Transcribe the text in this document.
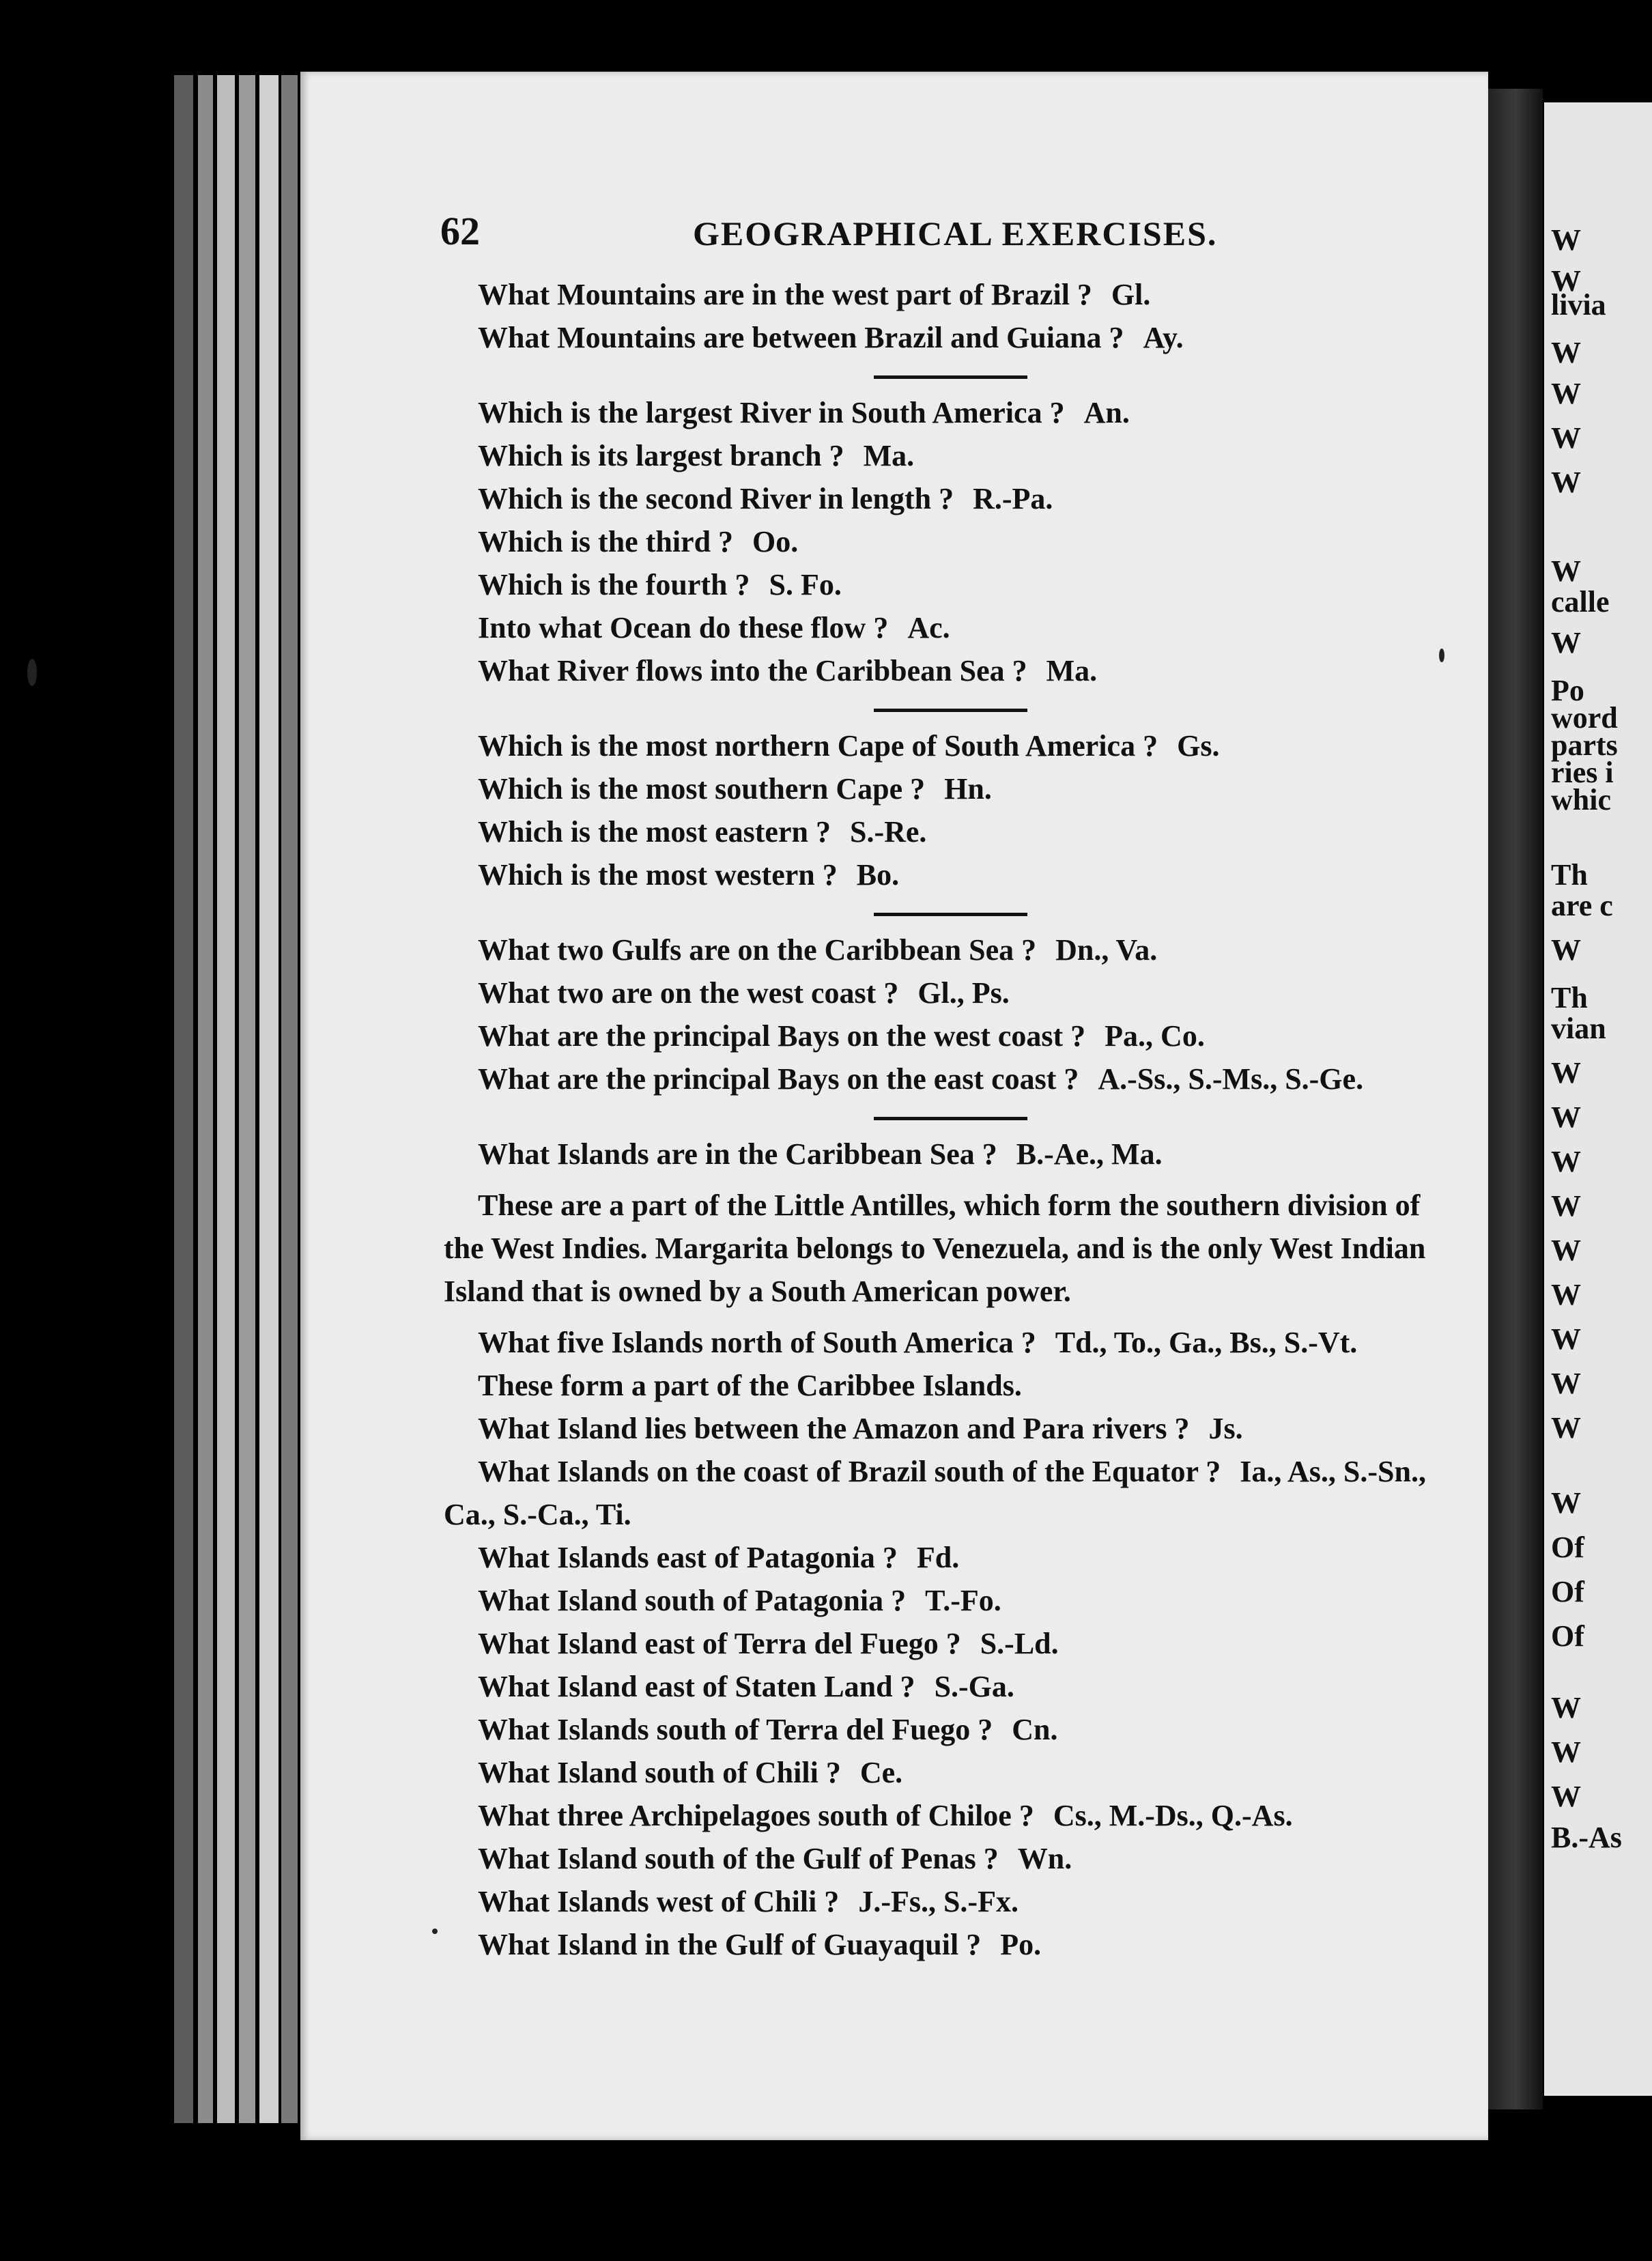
W
W
livia
W
W
W
W
W
calle
W
Po
word
parts
ries i
whic
Th
are c
W
Th
vian
W
W
W
W
W
W
W
W
W
W
Of
Of
Of
W
W
W
B.-As
62	GEOGRAPHICAL EXERCISES.
What Mountains are in the west part of Brazil ? Gl.
What Mountains are between Brazil and Guiana ? Ay.
Which is the largest River in South America ? An.
Which is its largest branch ? Ma.
Which is the second River in length ? R.-Pa.
Which is the third ? Oo.
Which is the fourth ? S. Fo.
Into what Ocean do these flow ? Ac.
What River flows into the Caribbean Sea ? Ma.
Which is the most northern Cape of South America ? Gs.
Which is the most southern Cape ? Hn.
Which is the most eastern ? S.-Re.
Which is the most western ? Bo.
What two Gulfs are on the Caribbean Sea ? Dn., Va.
What two are on the west coast ? Gl., Ps.
What are the principal Bays on the west coast ? Pa., Co.
What are the principal Bays on the east coast ? A.-Ss., S.-Ms., S.-Ge.
What Islands are in the Caribbean Sea ? B.-Ae., Ma.
These are a part of the Little Antilles, which form the southern division of the West Indies. Margarita belongs to Venezuela, and is the only West Indian Island that is owned by a South American power.
What five Islands north of South America ? Td., To., Ga., Bs., S.-Vt.
These form a part of the Caribbee Islands.
What Island lies between the Amazon and Para rivers ? Js.
What Islands on the coast of Brazil south of the Equator ? Ia., As., S.-Sn., Ca., S.-Ca., Ti.
What Islands east of Patagonia ? Fd.
What Island south of Patagonia ? T.-Fo.
What Island east of Terra del Fuego ? S.-Ld.
What Island east of Staten Land ? S.-Ga.
What Islands south of Terra del Fuego ? Cn.
What Island south of Chili ? Ce.
What three Archipelagoes south of Chiloe ? Cs., M.-Ds., Q.-As.
What Island south of the Gulf of Penas ? Wn.
What Islands west of Chili ? J.-Fs., S.-Fx.
What Island in the Gulf of Guayaquil ? Po.
